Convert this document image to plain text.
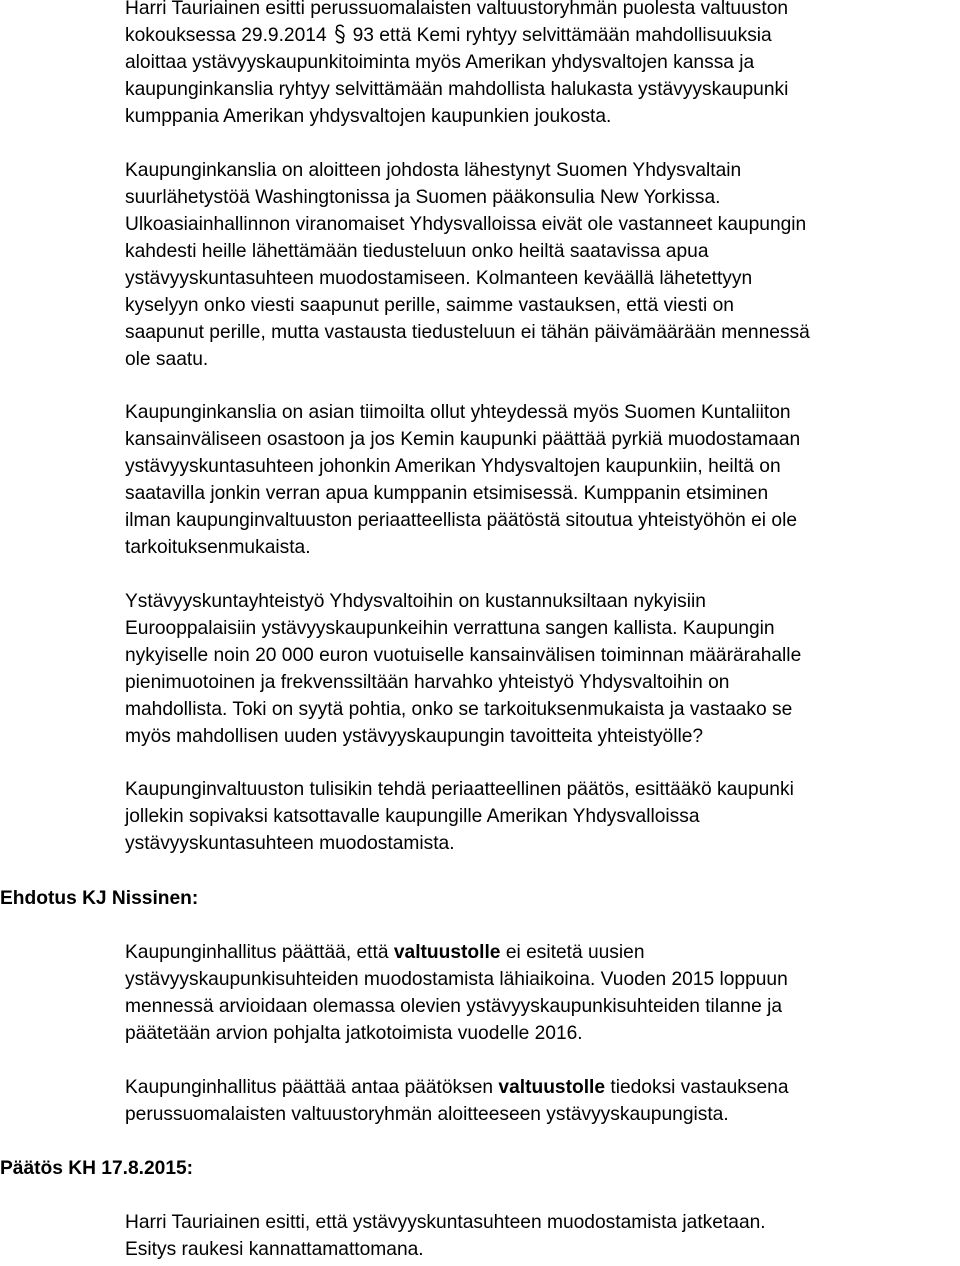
Harri Tauriainen esitti perussuomalaisten valtuustoryhmän puolesta valtuuston
kokouksessa 29.9.2014 93 että Kemi ryhtyy selvittämään mahdollisuuksia
aloittaa ystävyyskaupunkitoiminta myös Amerikan yhdysvaltojen kanssa ja
kaupunginkanslia ryhtyy selvittämään mahdollista halukasta ystävyyskaupunki
kumppania Amerikan yhdysvaltojen kaupunkien joukosta.
Kaupunginkanslia on aloitteen johdosta lähestynyt Suomen Yhdysvaltain
suurlähetystöä Washingtonissa ja Suomen pääkonsulia New Yorkissa.
Ulkoasiainhallinnon viranomaiset Yhdysvalloissa eivät ole vastanneet kaupungin
kahdesti heille lähettämään tiedusteluun onko heiltä saatavissa apua
ystävyyskuntasuhteen muodostamiseen. Kolmanteen keväällä lähetettyyn
kyselyyn onko viesti saapunut perille, saimme vastauksen, että viesti on
saapunut perille, mutta vastausta tiedusteluun ei tähän päivämäärään mennessä
ole saatu.
Kaupunginkanslia on asian tiimoilta ollut yhteydessä myös Suomen Kuntaliiton
kansainväliseen osastoon ja jos Kemin kaupunki päättää pyrkiä muodostamaan
ystävyyskuntasuhteen johonkin Amerikan Yhdysvaltojen kaupunkiin, heiltä on
saatavilla jonkin verran apua kumppanin etsimisessä. Kumppanin etsiminen
ilman kaupunginvaltuuston periaatteellista päätöstä sitoutua yhteistyöhön ei ole
tarkoituksenmukaista.
Ystävyyskuntayhteistyö Yhdysvaltoihin on kustannuksiltaan nykyisiin
Eurooppalaisiin ystävyyskaupunkeihin verrattuna sangen kallista. Kaupungin
nykyiselle noin 20 000 euron vuotuiselle kansainvälisen toiminnan määrärahalle
pienimuotoinen ja frekvenssiltään harvahko yhteistyö Yhdysvaltoihin on
mahdollista. Toki on syytä pohtia, onko se tarkoituksenmukaista ja vastaako se
myös mahdollisen uuden ystävyyskaupungin tavoitteita yhteistyölle?
Kaupunginvaltuuston tulisikin tehdä periaatteellinen päätös, esittääkö kaupunki
jollekin sopivaksi katsottavalle kaupungille Amerikan Yhdysvalloissa
ystävyyskuntasuhteen muodostamista.
Ehdotus KJ Nissinen:
Kaupunginhallitus päättää, että valtuustolle ei esitetä uusien
ystävyyskaupunkisuhteiden muodostamista lähiaikoina. Vuoden 2015 loppuun
mennessä arvioidaan olemassa olevien ystävyyskaupunkisuhteiden tilanne ja
päätetään arvion pohjalta jatkotoimista vuodelle 2016.
Kaupunginhallitus päättää antaa päätöksen valtuustolle tiedoksi vastauksena
perussuomalaisten valtuustoryhmän aloitteeseen ystävyyskaupungista.
Päätös KH 17.8.2015:
Harri Tauriainen esitti, että ystävyyskuntasuhteen muodostamista jatketaan.
Esitys raukesi kannattamattomana.
